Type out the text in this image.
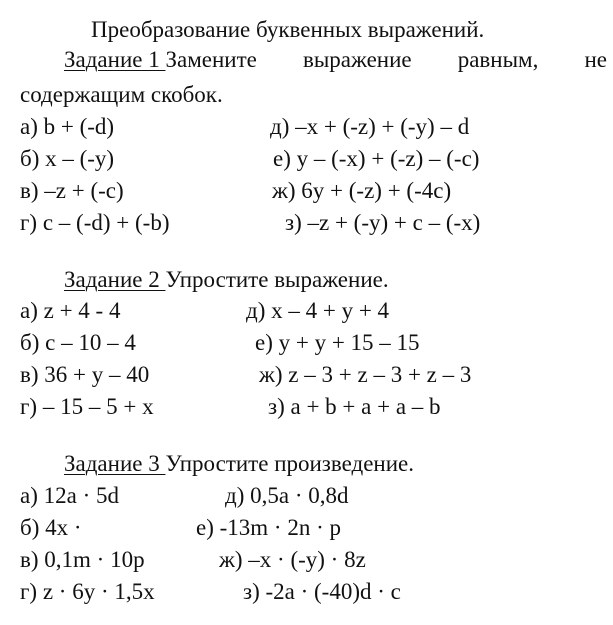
Преобразование буквенных выражений.
Задание 1 Замените выражение равным, не
содержащим скобок.
а) b + (-d)
б) x – (-y)
в) –z + (-c)
г) c – (-d) + (-b)
д) –x + (-z) + (-y) – d
е) y – (-x) + (-z) – (-c)
ж) 6y + (-z) + (-4c)
з) –z + (-y) + c – (-x)
Задание 2 Упростите выражение.
а) z + 4 - 4
б) c – 10 – 4
в) 36 + y – 40
г) – 15 – 5 + x
д) x – 4 + y + 4
е) y + y + 15 – 15
ж) z – 3 + z – 3 + z – 3
з) a + b + a + a – b
Задание 3 Упростите произведение.
а) 12a · 5d
б) 4x ·
в) 0,1m · 10p
г) z · 6y · 1,5x
д) 0,5a · 0,8d
е) -13m · 2n · p
ж) –x · (-y) · 8z
з) -2a · (-40)d · c
